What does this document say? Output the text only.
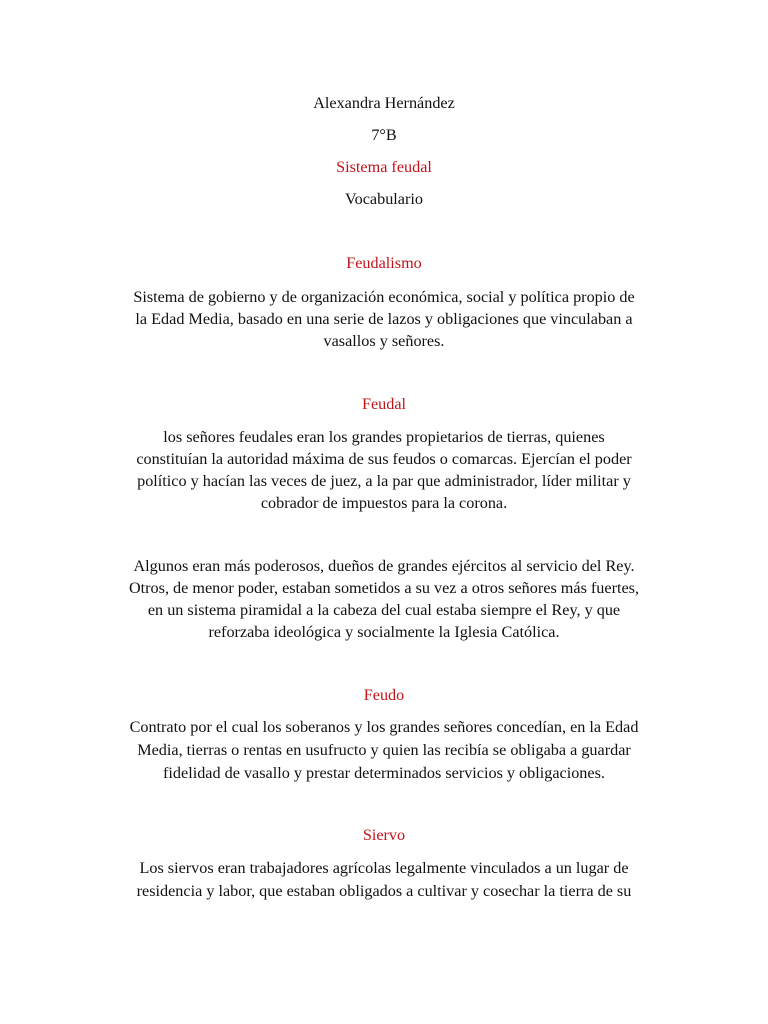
Alexandra Hernández
7°B
Sistema feudal
Vocabulario
Feudalismo
Sistema de gobierno y de organización económica, social y política propio de
la Edad Media, basado en una serie de lazos y obligaciones que vinculaban a
vasallos y señores.
Feudal
los señores feudales eran los grandes propietarios de tierras, quienes
constituían la autoridad máxima de sus feudos o comarcas. Ejercían el poder
político y hacían las veces de juez, a la par que administrador, líder militar y
cobrador de impuestos para la corona.
Algunos eran más poderosos, dueños de grandes ejércitos al servicio del Rey.
Otros, de menor poder, estaban sometidos a su vez a otros señores más fuertes,
en un sistema piramidal a la cabeza del cual estaba siempre el Rey, y que
reforzaba ideológica y socialmente la Iglesia Católica.
Feudo
Contrato por el cual los soberanos y los grandes señores concedían, en la Edad
Media, tierras o rentas en usufructo y quien las recibía se obligaba a guardar
fidelidad de vasallo y prestar determinados servicios y obligaciones.
Siervo
Los siervos eran trabajadores agrícolas legalmente vinculados a un lugar de
residencia y labor, que estaban obligados a cultivar y cosechar la tierra de su
